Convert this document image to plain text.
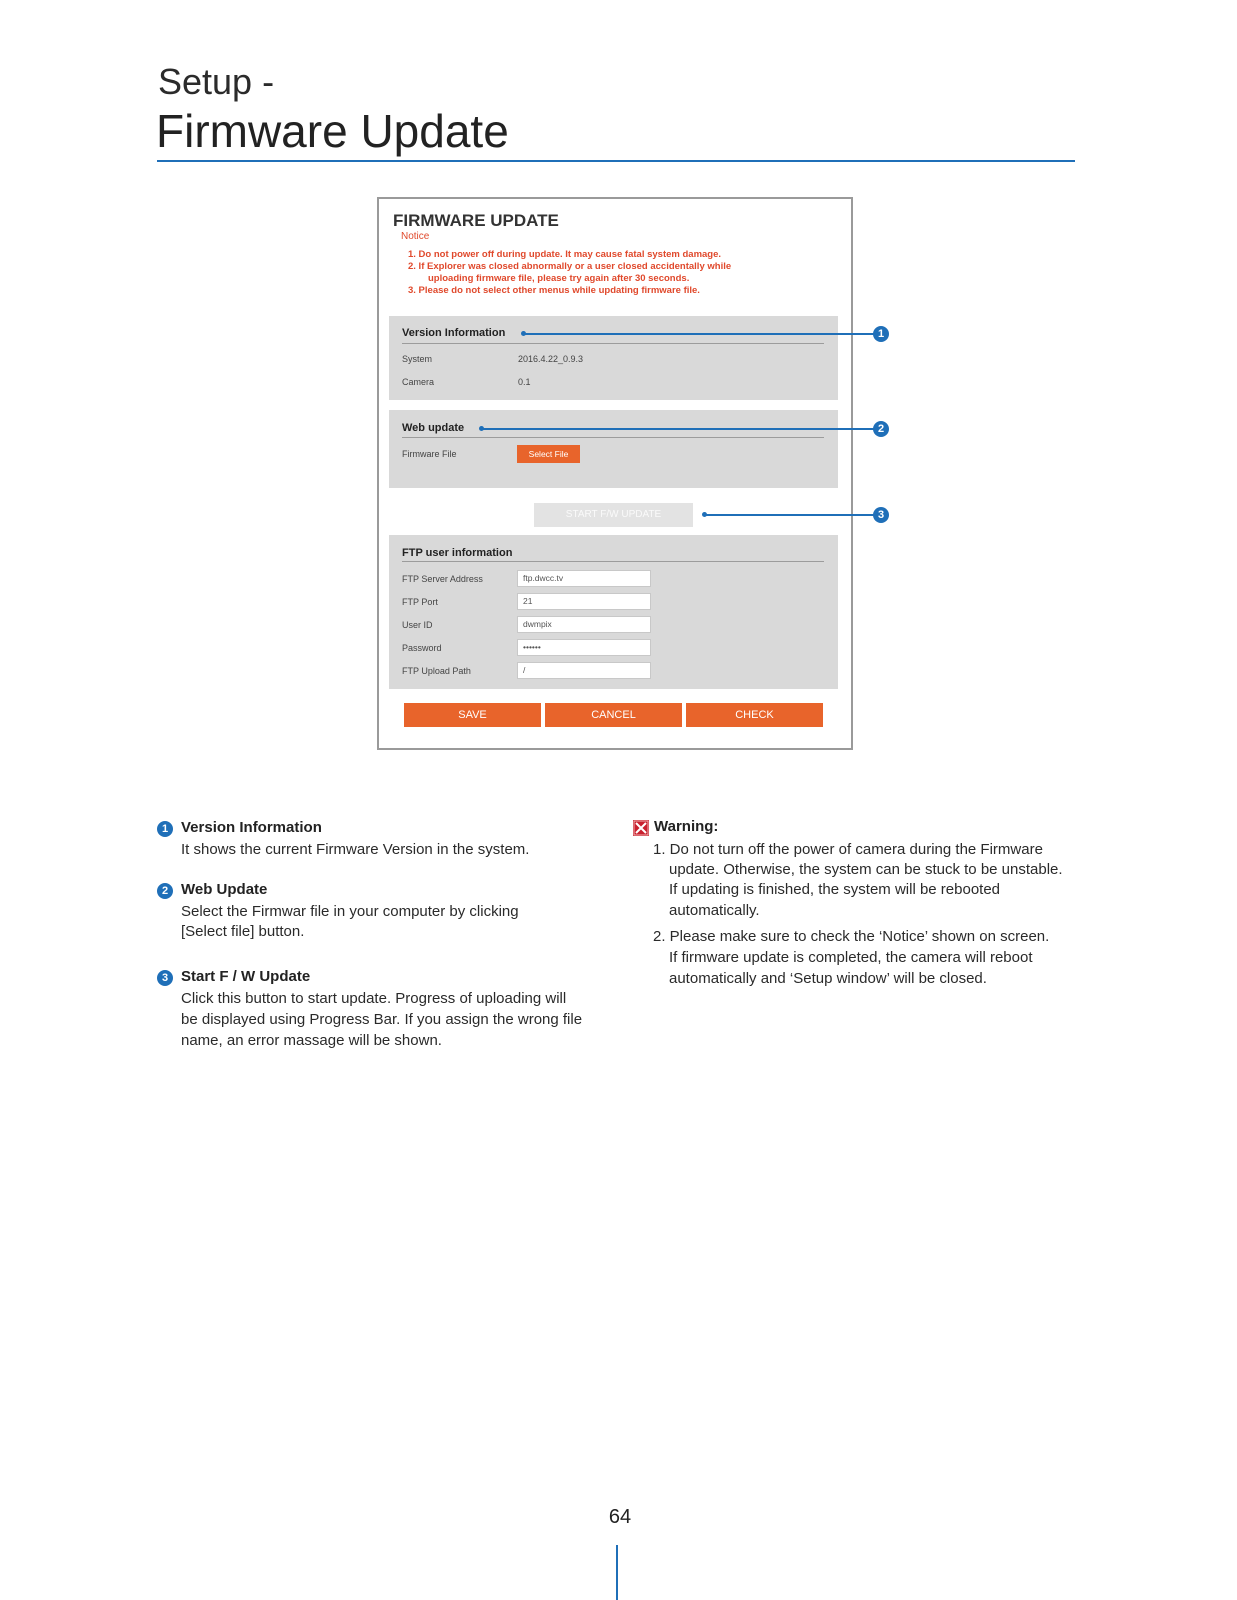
Setup -
Firmware Update
FIRMWARE UPDATE
Notice
1. Do not power off during update. It may cause fatal system damage.
2. If Explorer was closed abnormally or a user closed accidentally while
uploading firmware file, please try again after 30 seconds.
3. Please do not select other menus while updating firmware file.
Version Information
System	2016.4.22_0.9.3
Camera	0.1
Web update
Firmware File	Select File
START F/W UPDATE
FTP user information
FTP Server Address	ftp.dwcc.tv
FTP Port	21
User ID	dwmpix
Password	••••••
FTP Upload Path	/
SAVE	CANCEL	CHECK
1
2
3
1 Version Information
It shows the current Firmware Version in the system.
2 Web Update
Select the Firmwar file in your computer by clicking
[Select file] button.
3 Start F / W Update
Click this button to start update. Progress of uploading will
be displayed using Progress Bar. If you assign the wrong file
name, an error massage will be shown.
Warning:
1. Do not turn off the power of camera during the Firmware
update. Otherwise, the system can be stuck to be unstable.
If updating is finished, the system will be rebooted
automatically.
2. Please make sure to check the ‘Notice’ shown on screen.
If firmware update is completed, the camera will reboot
automatically and ‘Setup window’ will be closed.
64
